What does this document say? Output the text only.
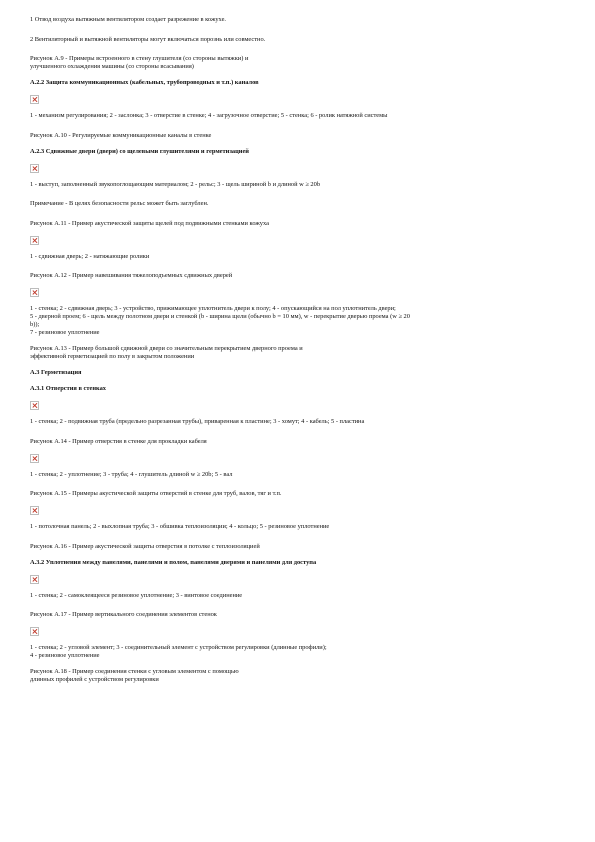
1 Отвод воздуха вытяжным вентилятором создает разрежение в кожухе.
2 Вентиляторный и вытяжной вентиляторы могут включаться порознь или совместно.
Рисунок А.9 - Примеры встроенного в стену глушителя (со стороны вытяжки) и
улучшенного охлаждения машины (со стороны всасывания)
А.2.2 Защита коммуникационных (кабельных, трубопроводных и т.п.) каналов
1 - механизм регулирования; 2 - заслонка; 3 - отверстие в стенке; 4 - загрузочное отверстие; 5 - стенка; 6 - ролик натяжной системы
Рисунок А.10 - Регулируемые коммуникационные каналы в стенке
А.2.3 Сдвижные двери (двери) со щелевыми глушителями и герметизацией
1 - выступ, заполненный звукопоглощающим материалом; 2 - рельс; 3 - щель шириной b и длиной w ≥ 20b
Примечание - В целях безопасности рельс может быть заглублен.
Рисунок А.11 - Пример акустической защиты щелей под подвижными стенками кожуха
1 - сдвижная дверь; 2 - натяжающие ролики
Рисунок А.12 - Пример навешивания тяжелоподъемных сдвижных дверей
1 - стенка; 2 - сдвижная дверь; 3 - устройство, прижимающее уплотнитель двери к полу; 4 - опускающийся на пол уплотнитель двери;
5 - дверной проем; 6 - щель между полотном двери и стенкой (b - ширина щели (обычно b = 10 мм), w - перекрытие дверью проема (w ≥ 20
b));
7 - резиновое уплотнение
Рисунок А.13 - Пример большой сдвижной двери со значительным перекрытием дверного проема и
эффективной герметизацией по полу в закрытом положении
А.3 Герметизация
А.3.1 Отверстия в стенках
1 - стенка; 2 - подвижная труба (предельно разрезанная трубы), приваренная к пластине; 3 - хомут; 4 - кабель; 5 - пластина
Рисунок А.14 - Пример отверстия в стенке для прокладки кабеля
1 - стенка; 2 - уплотнение; 3 - труба; 4 - глушитель длиной w ≥ 20b; 5 - вал
Рисунок А.15 - Примеры акустической защиты отверстий в стенке для труб, валов, тяг и т.п.
1 - потолочная панель; 2 - выхлопная труба; 3 - обшивка теплоизоляции; 4 - кольцо; 5 - резиновое уплотнение
Рисунок А.16 - Пример акустической защиты отверстия в потолке с теплоизоляцией
А.3.2 Уплотнения между панелями, панелями и полом, панелями дверями и панелями для доступа
1 - стенка; 2 - самоклеящееся резиновое уплотнение; 3 - винтовое соединение
Рисунок А.17 - Пример вертикального соединения элементов стенок
1 - стенка; 2 - угловой элемент; 3 - соединительный элемент с устройством регулировки (длинные профили);
4 - резиновое уплотнение
Рисунок А.18 - Пример соединения стенки с угловым элементом с помощью
длинных профилей с устройством регулировки
